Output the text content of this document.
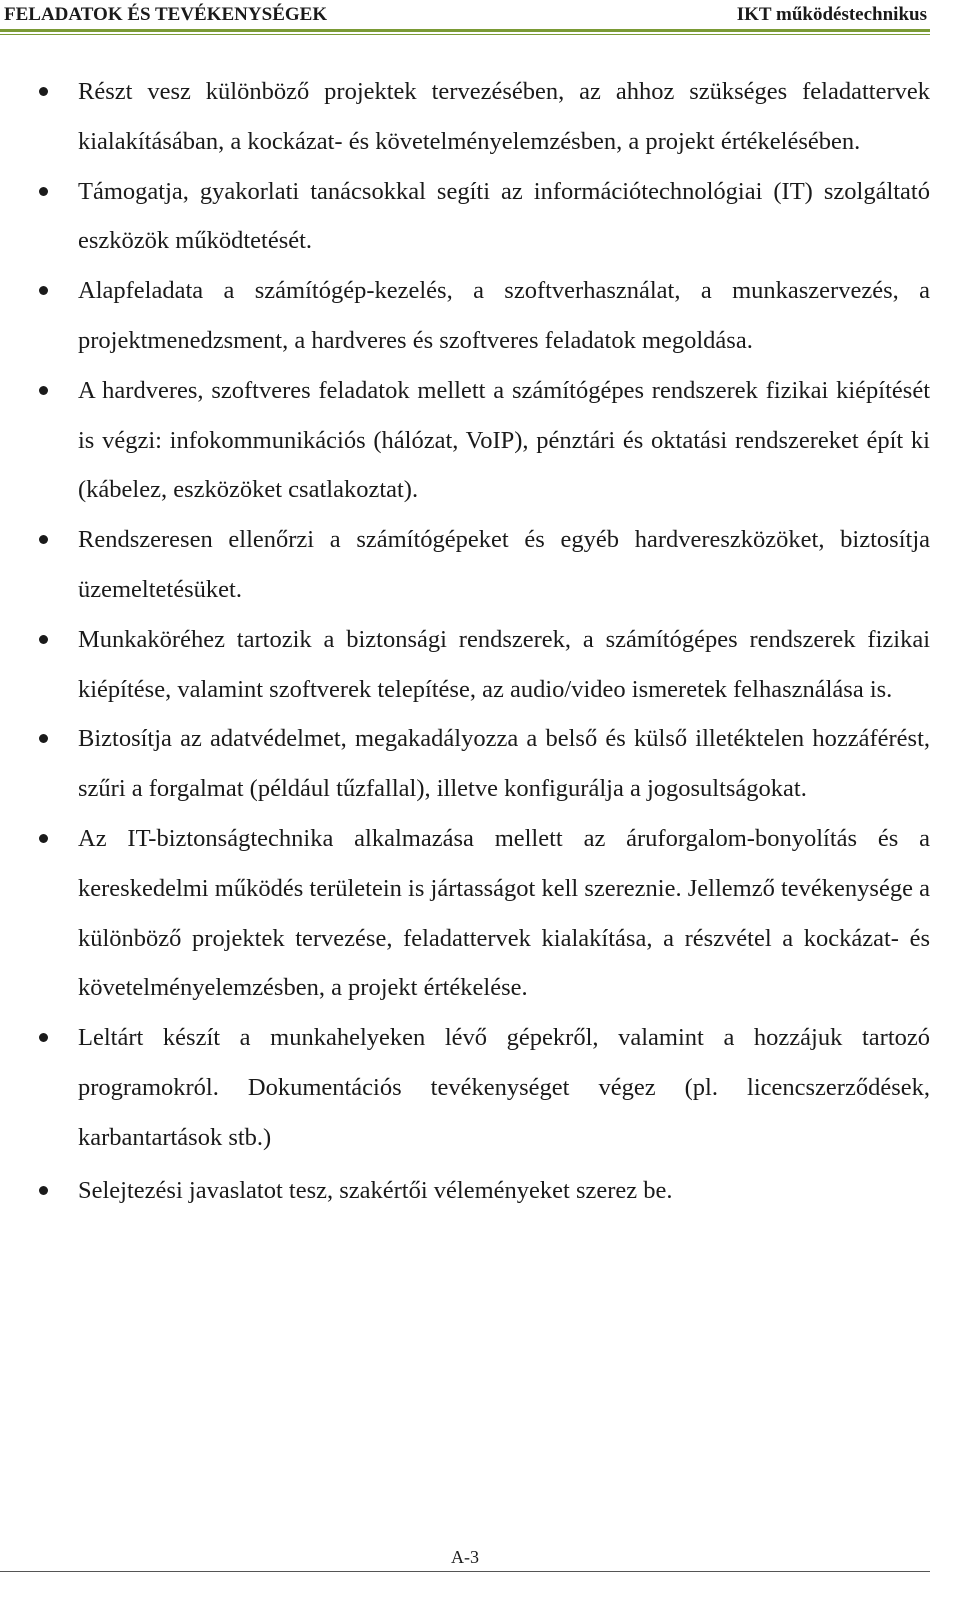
FELADATOK ÉS TEVÉKENYSÉGEK	IKT működéstechnikus
Részt vesz különböző projektek tervezésében, az ahhoz szükséges feladattervek kialakításában, a kockázat- és követelményelemzésben, a projekt értékelésében.
Támogatja, gyakorlati tanácsokkal segíti az információtechnológiai (IT) szolgáltató eszközök működtetését.
Alapfeladata a számítógép-kezelés, a szoftverhasználat, a munkaszervezés, a projektmenedzsment, a hardveres és szoftveres feladatok megoldása.
A hardveres, szoftveres feladatok mellett a számítógépes rendszerek fizikai kiépítését is végzi: infokommunikációs (hálózat, VoIP), pénztári és oktatási rendszereket épít ki (kábelez, eszközöket csatlakoztat).
Rendszeresen ellenőrzi a számítógépeket és egyéb hardvereszközöket, biztosítja üzemeltetésüket.
Munkaköréhez tartozik a biztonsági rendszerek, a számítógépes rendszerek fizikai kiépítése, valamint szoftverek telepítése, az audio/video ismeretek felhasználása is.
Biztosítja az adatvédelmet, megakadályozza a belső és külső illetéktelen hozzáférést, szűri a forgalmat (például tűzfallal), illetve konfigurálja a jogosultságokat.
Az IT-biztonságtechnika alkalmazása mellett az áruforgalom-bonyolítás és a kereskedelmi működés területein is jártasságot kell szereznie. Jellemző tevékenysége a különböző projektek tervezése, feladattervek kialakítása, a részvétel a kockázat- és követelményelemzésben, a projekt értékelése.
Leltárt készít a munkahelyeken lévő gépekről, valamint a hozzájuk tartozó programokról. Dokumentációs tevékenységet végez (pl. licencszerződések, karbantartások stb.)
Selejtezési javaslatot tesz, szakértői véleményeket szerez be.
A-3
